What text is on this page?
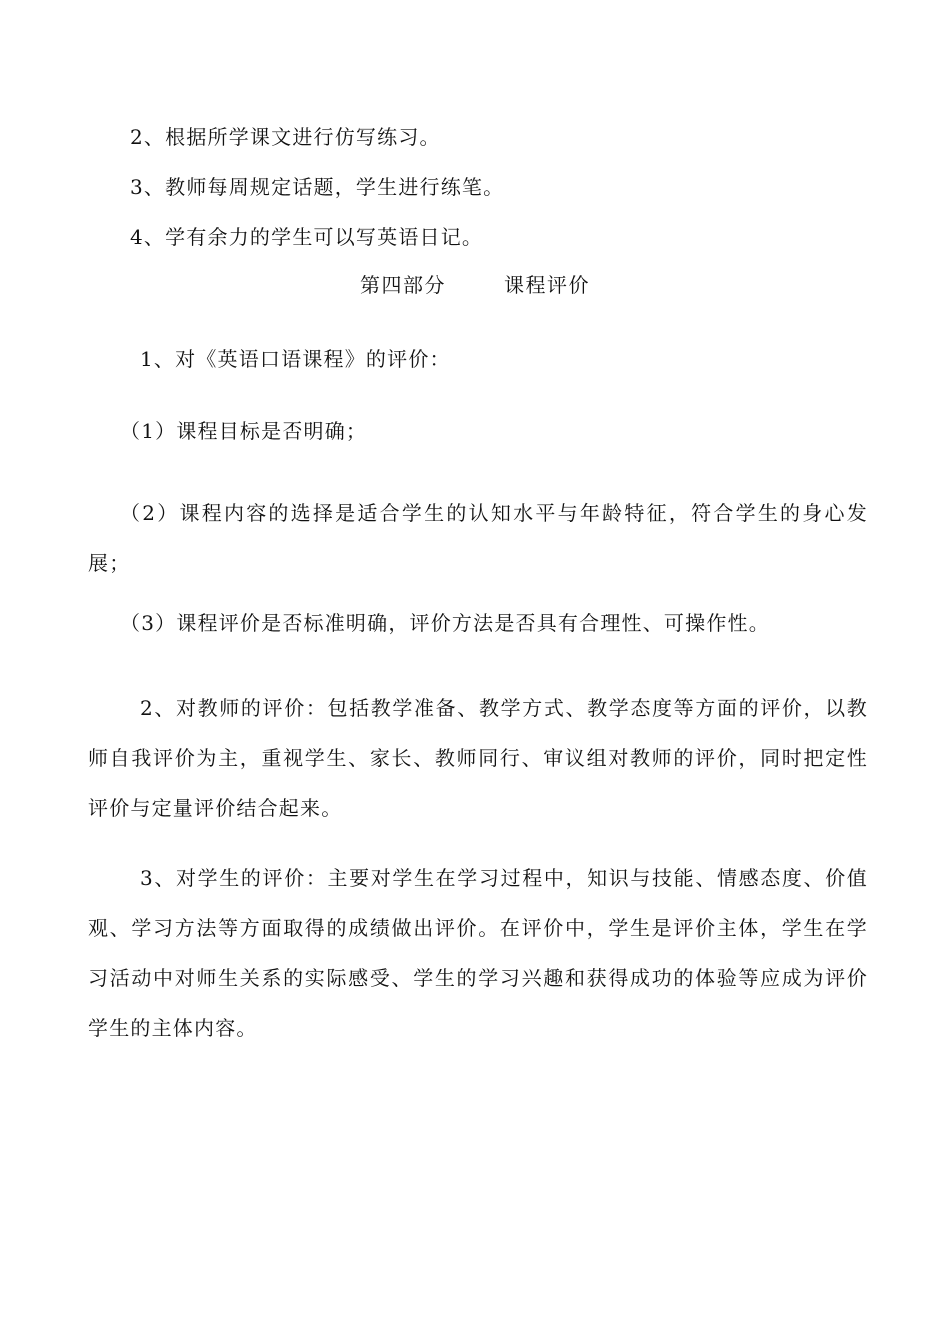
2、根据所学课文进行仿写练习。
3、教师每周规定话题，学生进行练笔。
4、学有余力的学生可以写英语日记。
第四部分	课程评价
1、对《英语口语课程》的评价：
（1）课程目标是否明确；
（2）课程内容的选择是适合学生的认知水平与年龄特征，符合学生的身心发展；
（3）课程评价是否标准明确，评价方法是否具有合理性、可操作性。
2、对教师的评价：包括教学准备、教学方式、教学态度等方面的评价，以教师自我评价为主，重视学生、家长、教师同行、审议组对教师的评价，同时把定性评价与定量评价结合起来。
3、对学生的评价：主要对学生在学习过程中，知识与技能、情感态度、价值观、学习方法等方面取得的成绩做出评价。在评价中，学生是评价主体，学生在学习活动中对师生关系的实际感受、学生的学习兴趣和获得成功的体验等应成为评价学生的主体内容。
